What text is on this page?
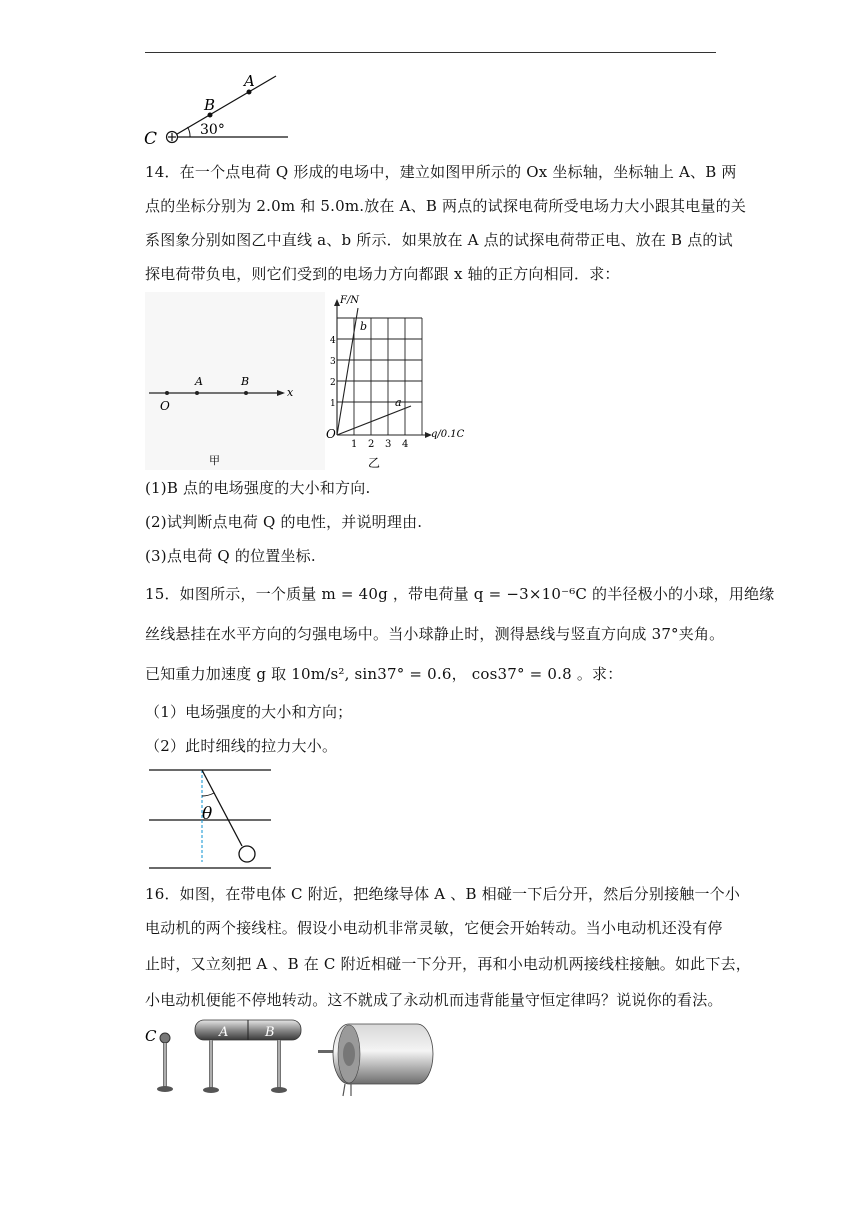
C
B
A
30°
14．在一个点电荷 Q 形成的电场中，建立如图甲所示的 Ox 坐标轴，坐标轴上 A、B 两
点的坐标分别为 2.0m 和 5.0m.放在 A、B 两点的试探电荷所受电场力大小跟其电量的关
系图象分别如图乙中直线 a、b 所示．如果放在 A 点的试探电荷带正电、放在 B 点的试
探电荷带负电，则它们受到的电场力方向都跟 x 轴的正方向相同．求：
O
A	B
x
甲
F/N
q/0.1C
O
b
a
1 2 3 4
1
2
3
4
乙
(1)B 点的电场强度的大小和方向.
(2)试判断点电荷 Q 的电性，并说明理由.
(3)点电荷 Q 的位置坐标.
15．如图所示，一个质量 m = 40g ，带电荷量 q = −3×10⁻⁶C 的半径极小的小球，用绝缘
丝线悬挂在水平方向的匀强电场中。当小球静止时，测得悬线与竖直方向成 37°夹角。
已知重力加速度 g 取 10m/s², sin37° = 0.6， cos37° = 0.8 。求：
（1）电场强度的大小和方向；
（2）此时细线的拉力大小。
θ
16．如图，在带电体 C 附近，把绝缘导体 A 、B 相碰一下后分开，然后分别接触一个小
电动机的两个接线柱。假设小电动机非常灵敏，它便会开始转动。当小电动机还没有停
止时，又立刻把 A 、B 在 C 附近相碰一下分开，再和小电动机两接线柱接触。如此下去，
小电动机便能不停地转动。这不就成了永动机而违背能量守恒定律吗？说说你的看法。
C	A	B
